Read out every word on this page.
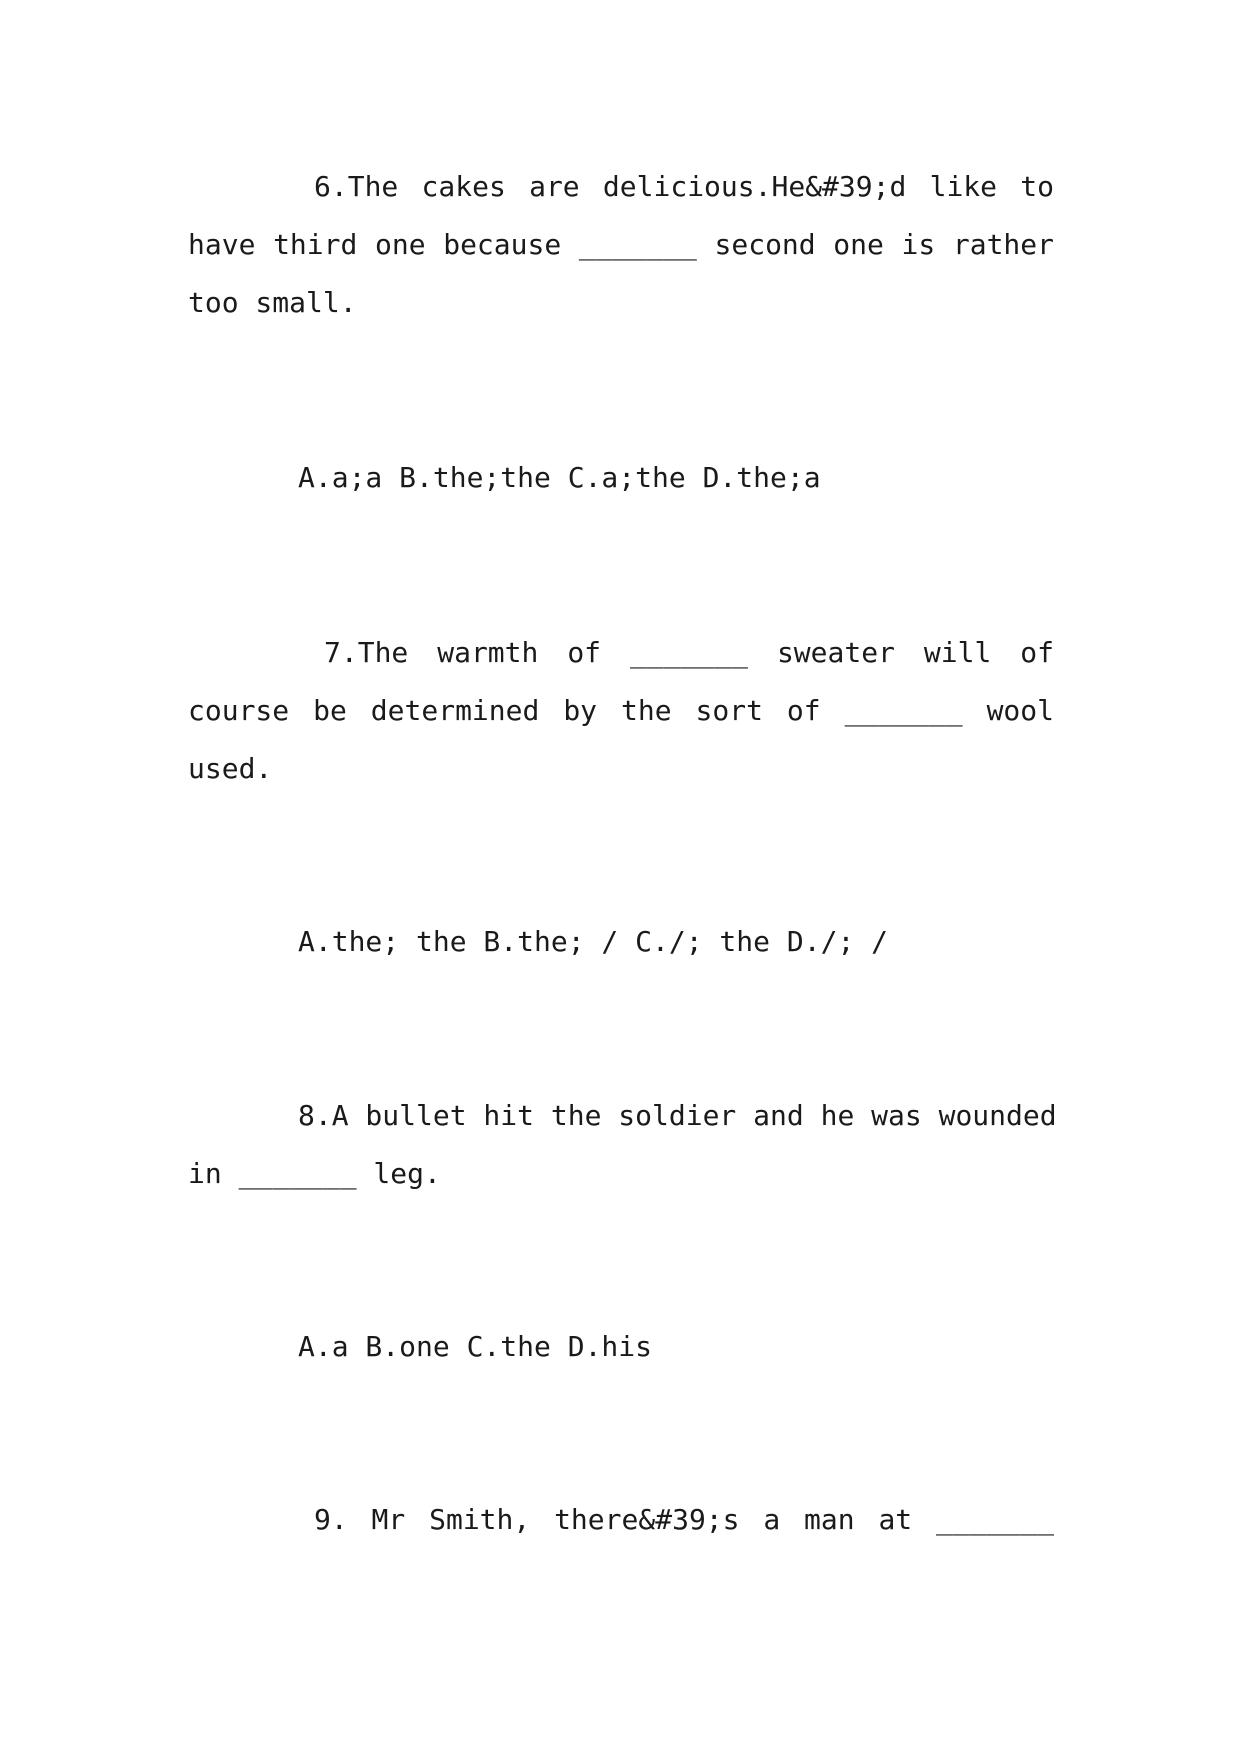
6.The cakes are delicious.He&#39;d like to
have third one because _______ second one is rather
too small.
A.a;a B.the;the C.a;the D.the;a
7.The warmth of _______ sweater will of
course be determined by the sort of _______ wool
used.
A.the; the B.the; / C./; the D./; /
8.A bullet hit the soldier and he was wounded
in _______ leg.
A.a B.one C.the D.his
9. Mr Smith, there&#39;s a man at _______
